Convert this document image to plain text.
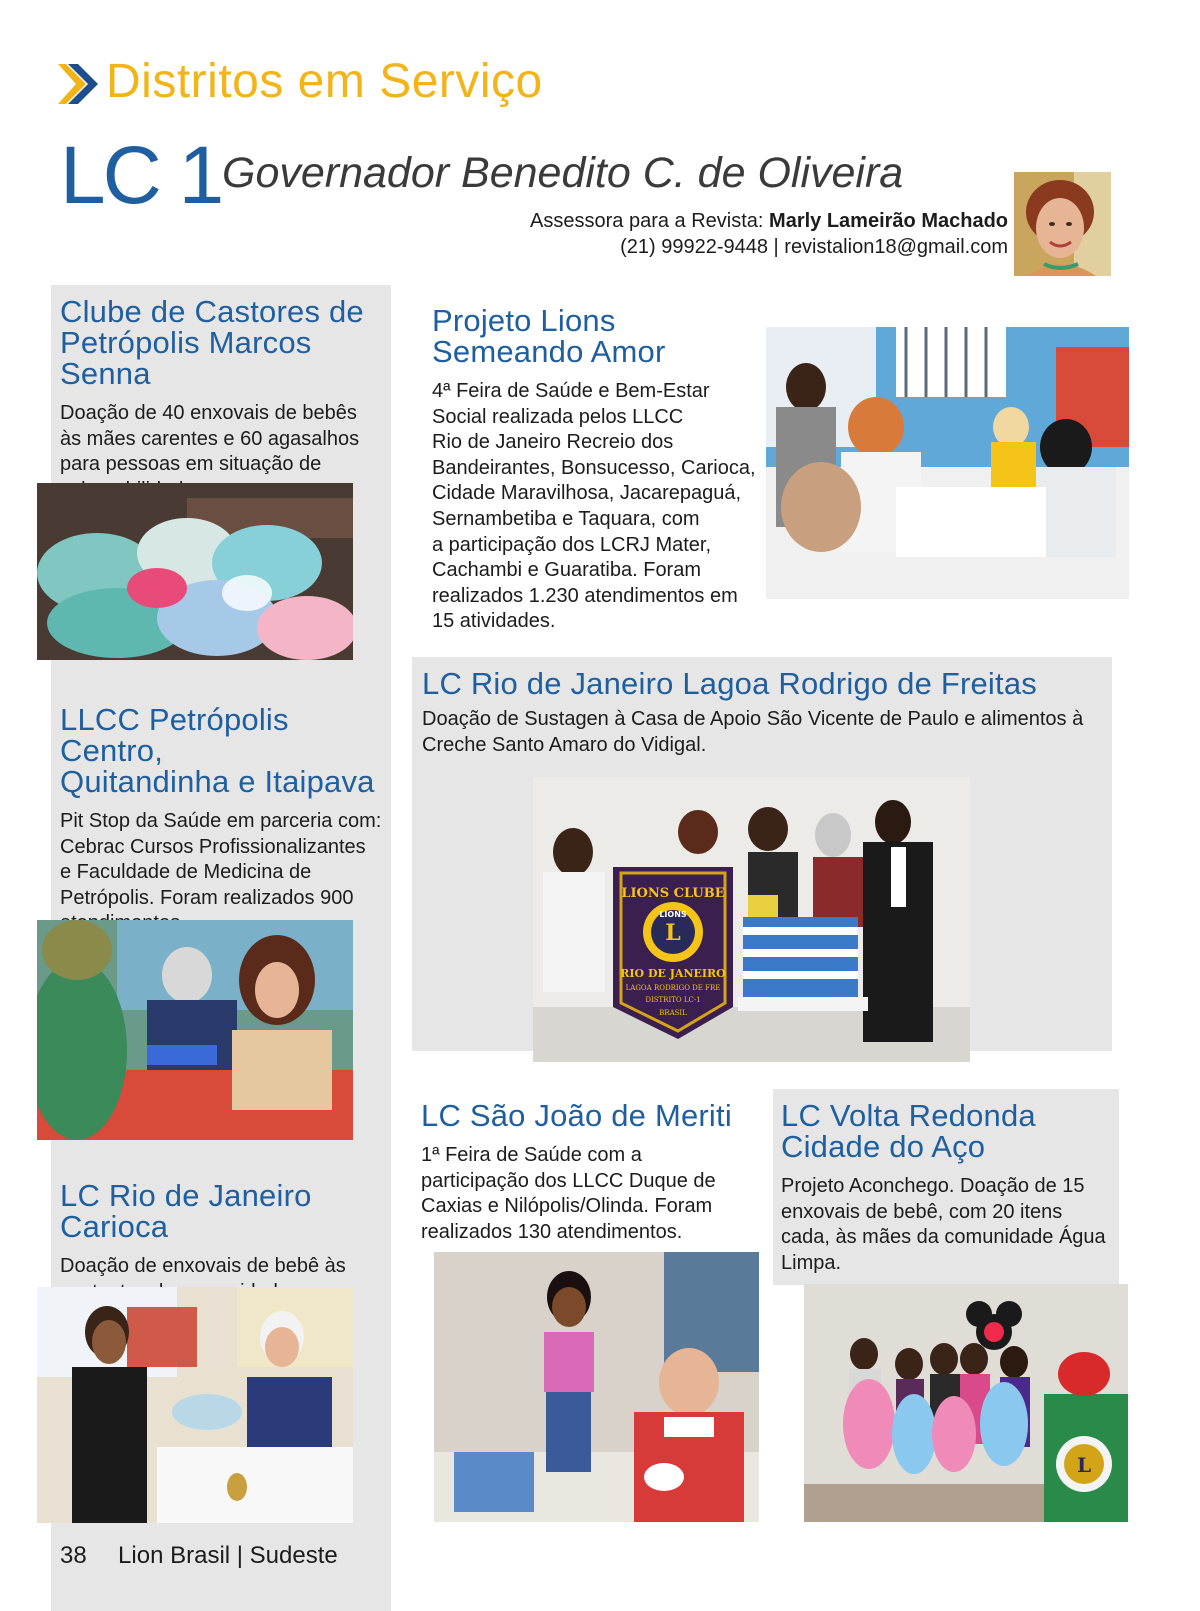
Distritos em Serviço
LC 1 Governador Benedito C. de Oliveira
Assessora para a Revista: Marly Lameirão Machado
(21) 99922-9448 | revistalion18@gmail.com
Clube de Castores de
Petrópolis Marcos Senna
Doação de 40 enxovais de bebês
às mães carentes e 60 agasalhos
para pessoas em situação de
LLCC Petrópolis Centro,
Quitandinha e Itaipava
Pit Stop da Saúde em parceria com:
Cebrac Cursos Profissionalizantes
e Faculdade de Medicina de
Petrópolis. Foram realizados 900
LC Rio de Janeiro Carioca
Doação de enxovais de bebê às
Projeto Lions
Semeando Amor
4ª Feira de Saúde e Bem-Estar
Social realizada pelos LLCC
Rio de Janeiro Recreio dos
Bandeirantes, Bonsucesso, Carioca,
Cidade Maravilhosa, Jacarepaguá,
Sernambetiba e Taquara, com
a participação dos LCRJ Mater,
Cachambi e Guaratiba. Foram
realizados 1.230 atendimentos em
15 atividades.
LC Rio de Janeiro Lagoa Rodrigo de Freitas
Doação de Sustagen à Casa de Apoio São Vicente de Paulo e alimentos à
Creche Santo Amaro do Vidigal.
L
LIONS CLUBE
LIONS
RIO DE JANEIRO
LAGOA RODRIGO DE FRE
DISTRITO LC-1
BRASIL
LC São João de Meriti
1ª Feira de Saúde com a
participação dos LLCC Duque de
Caxias e Nilópolis/Olinda. Foram
realizados 130 atendimentos.
LC Volta Redonda
Cidade do Aço
Projeto Aconchego. Doação de 15
enxovais de bebê, com 20 itens
cada, às mães da comunidade Água
Limpa.
L
38 Lion Brasil | Sudeste
